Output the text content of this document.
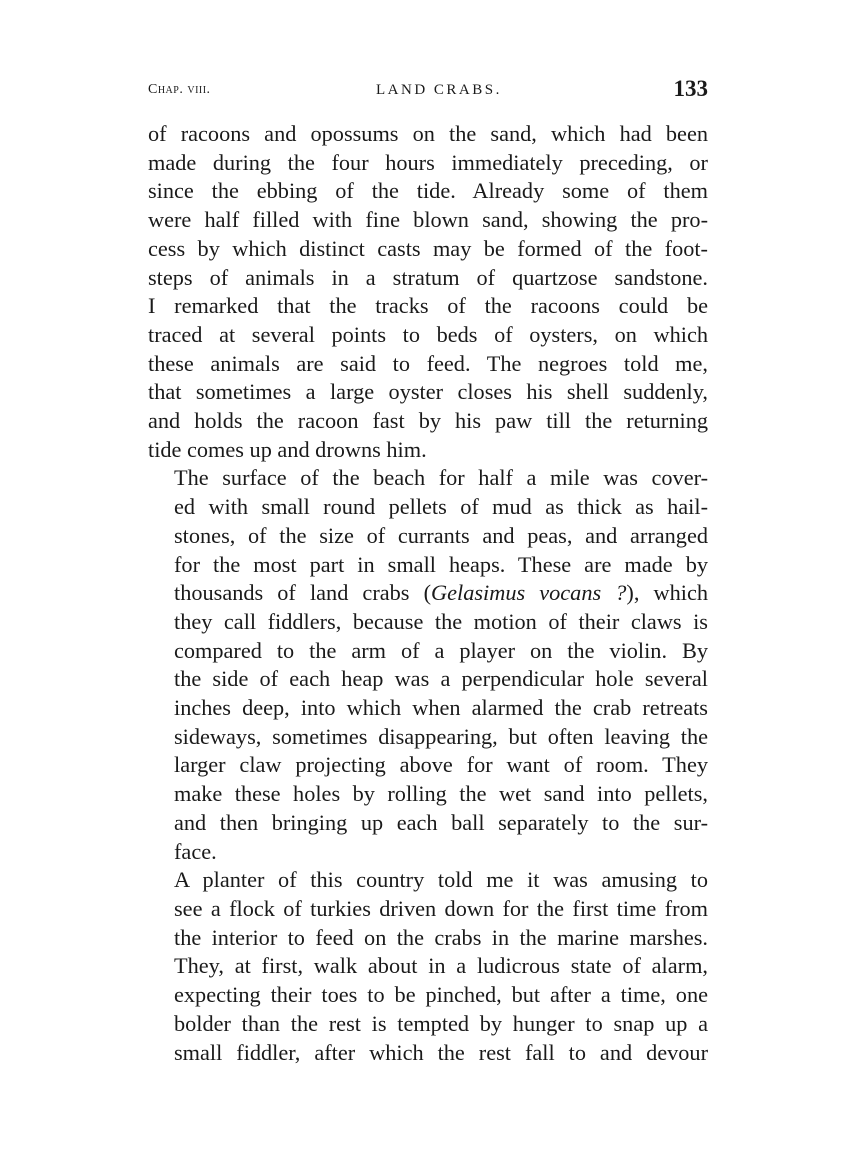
Chap. viii.	LAND CRABS.	133

of racoons and opossums on the sand, which had been
made during the four hours immediately preceding, or
since the ebbing of the tide. Already some of them
were half filled with fine blown sand, showing the pro-
cess by which distinct casts may be formed of the foot-
steps of animals in a stratum of quartzose sandstone.
I remarked that the tracks of the racoons could be
traced at several points to beds of oysters, on which
these animals are said to feed. The negroes told me,
that sometimes a large oyster closes his shell suddenly,
and holds the racoon fast by his paw till the returning
tide comes up and drowns him.

The surface of the beach for half a mile was cover-
ed with small round pellets of mud as thick as hail-
stones, of the size of currants and peas, and arranged
for the most part in small heaps. These are made by
thousands of land crabs (Gelasimus vocans ?), which
they call fiddlers, because the motion of their claws is
compared to the arm of a player on the violin. By
the side of each heap was a perpendicular hole several
inches deep, into which when alarmed the crab retreats
sideways, sometimes disappearing, but often leaving the
larger claw projecting above for want of room. They
make these holes by rolling the wet sand into pellets,
and then bringing up each ball separately to the sur-
face.

A planter of this country told me it was amusing to
see a flock of turkies driven down for the first time from
the interior to feed on the crabs in the marine marshes.
They, at first, walk about in a ludicrous state of alarm,
expecting their toes to be pinched, but after a time, one
bolder than the rest is tempted by hunger to snap up a
small fiddler, after which the rest fall to and devour
